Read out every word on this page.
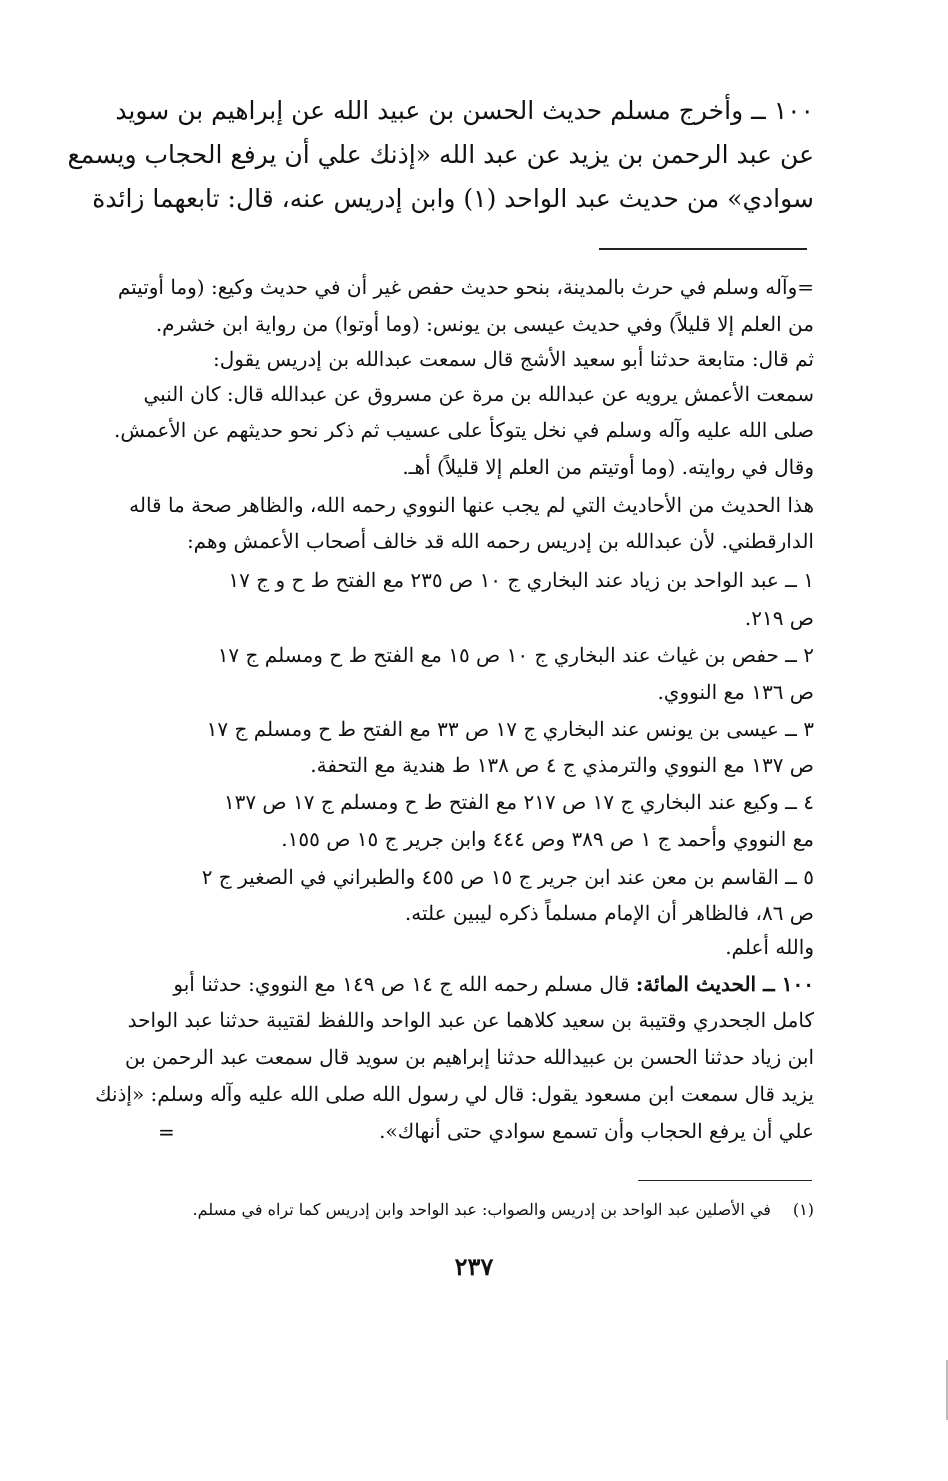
١٠٠ ــ وأخرج مسلم حديث الحسن بن عبيد الله عن إبراهيم بن سويد
عن عبد الرحمن بن يزيد عن عبد الله «إذنك علي أن يرفع الحجاب ويسمع
سوادي» من حديث عبد الواحد (١) وابن إدريس عنه، قال: تابعهما زائدة
=وآله وسلم في حرث بالمدينة، بنحو حديث حفص غير أن في حديث وكيع: (وما أوتيتم
من العلم إلا قليلاً) وفي حديث عيسى بن يونس: (وما أوتوا) من رواية ابن خشرم.
ثم قال: متابعة حدثنا أبو سعيد الأشج قال سمعت عبدالله بن إدريس يقول:
سمعت الأعمش يرويه عن عبدالله بن مرة عن مسروق عن عبدالله قال: كان النبي
صلى الله عليه وآله وسلم في نخل يتوكأ على عسيب ثم ذكر نحو حديثهم عن الأعمش.
وقال في روايته. (وما أوتيتم من العلم إلا قليلاً) أهـ.
هذا الحديث من الأحاديث التي لم يجب عنها النووي رحمه الله، والظاهر صحة ما قاله
الدارقطني. لأن عبدالله بن إدريس رحمه الله قد خالف أصحاب الأعمش وهم:
١ ــ عبد الواحد بن زياد عند البخاري ج ١٠ ص ٢٣٥ مع الفتح ط ح و ج ١٧
ص ٢١٩.
٢ ــ حفص بن غياث عند البخاري ج ١٠ ص ١٥ مع الفتح ط ح ومسلم ج ١٧
ص ١٣٦ مع النووي.
٣ ــ عيسى بن يونس عند البخاري ج ١٧ ص ٣٣ مع الفتح ط ح ومسلم ج ١٧
ص ١٣٧ مع النووي والترمذي ج ٤ ص ١٣٨ ط هندية مع التحفة.
٤ ــ وكيع عند البخاري ج ١٧ ص ٢١٧ مع الفتح ط ح ومسلم ج ١٧ ص ١٣٧
مع النووي وأحمد ج ١ ص ٣٨٩ وص ٤٤٤ وابن جرير ج ١٥ ص ١٥٥.
٥ ــ القاسم بن معن عند ابن جرير ج ١٥ ص ٤٥٥ والطبراني في الصغير ج ٢
ص ٨٦، فالظاهر أن الإمام مسلماً ذكره ليبين علته.
والله أعلم.
١٠٠ ــ الحديث المائة: قال مسلم رحمه الله ج ١٤ ص ١٤٩ مع النووي: حدثنا أبو
كامل الجحدري وقتيبة بن سعيد كلاهما عن عبد الواحد واللفظ لقتيبة حدثنا عبد الواحد
ابن زياد حدثنا الحسن بن عبيدالله حدثنا إبراهيم بن سويد قال سمعت عبد الرحمن بن
يزيد قال سمعت ابن مسعود يقول: قال لي رسول الله صلى الله عليه وآله وسلم: «إذنك
علي أن يرفع الحجاب وأن تسمع سوادي حتى أنهاك».
=
(١)في الأصلين عبد الواحد بن إدريس والصواب: عبد الواحد وابن إدريس كما تراه في مسلم.
٢٣٧
